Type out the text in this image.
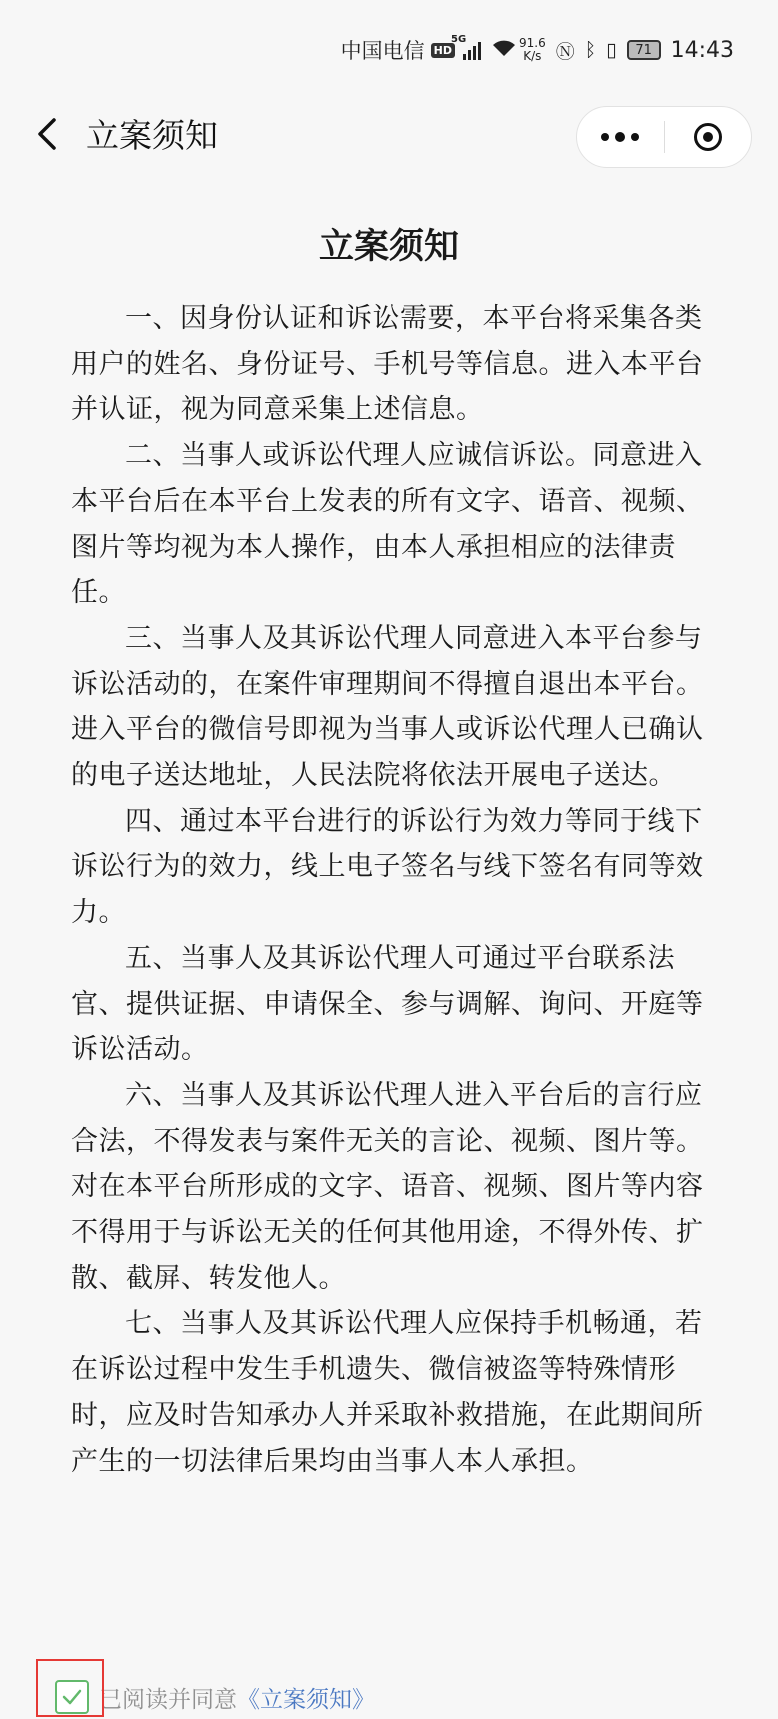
中国电信 HD
5G	91.6
K/s Ⓝ ᛒ ▯	71 14:43
立案须知
立案须知

一、因身份认证和诉讼需要，本平台将采集各类用户的姓名、身份证号、手机号等信息。进入本平台并认证，视为同意采集上述信息。

二、当事人或诉讼代理人应诚信诉讼。同意进入本平台后在本平台上发表的所有文字、语音、视频、图片等均视为本人操作，由本人承担相应的法律责任。

三、当事人及其诉讼代理人同意进入本平台参与诉讼活动的，在案件审理期间不得擅自退出本平台。进入平台的微信号即视为当事人或诉讼代理人已确认的电子送达地址，人民法院将依法开展电子送达。

四、通过本平台进行的诉讼行为效力等同于线下诉讼行为的效力，线上电子签名与线下签名有同等效力。

五、当事人及其诉讼代理人可通过平台联系法官、提供证据、申请保全、参与调解、询问、开庭等诉讼活动。

六、当事人及其诉讼代理人进入平台后的言行应合法，不得发表与案件无关的言论、视频、图片等。对在本平台所形成的文字、语音、视频、图片等内容不得用于与诉讼无关的任何其他用途，不得外传、扩散、截屏、转发他人。

七、当事人及其诉讼代理人应保持手机畅通，若在诉讼过程中发生手机遗失、微信被盗等特殊情形时，应及时告知承办人并采取补救措施，在此期间所产生的一切法律后果均由当事人本人承担。

已阅读并同意 《立案须知》
